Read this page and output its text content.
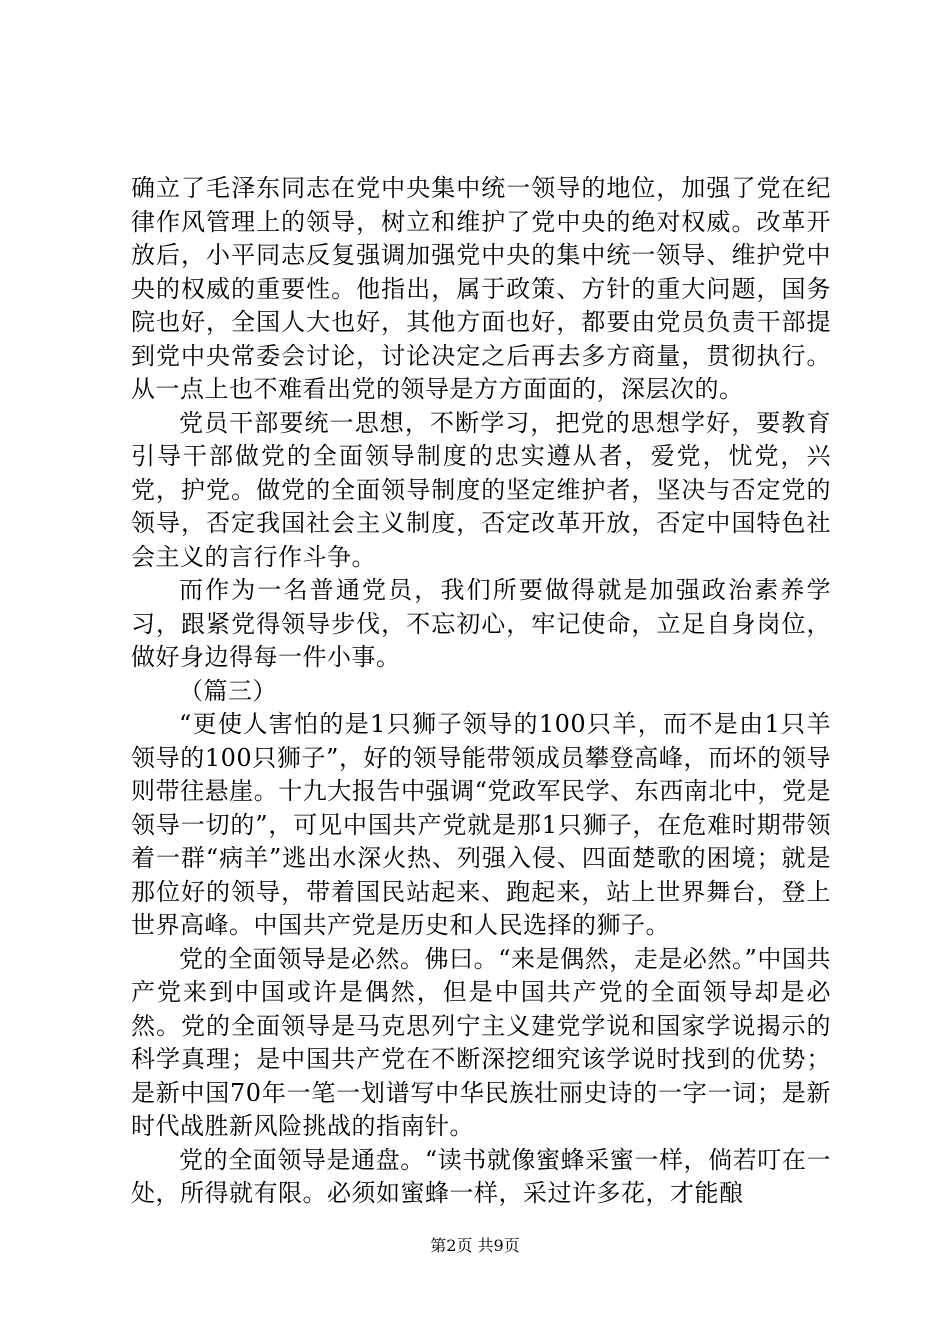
确立了毛泽东同志在党中央集中统一领导的地位，加强了党在纪律作风管理上的领导，树立和维护了党中央的绝对权威。改革开放后，小平同志反复强调加强党中央的集中统一领导、维护党中央的权威的重要性。他指出，属于政策、方针的重大问题，国务院也好，全国人大也好，其他方面也好，都要由党员负责干部提到党中央常委会讨论，讨论决定之后再去多方商量，贯彻执行。从一点上也不难看出党的领导是方方面面的，深层次的。

党员干部要统一思想，不断学习，把党的思想学好，要教育引导干部做党的全面领导制度的忠实遵从者，爱党，忧党，兴党，护党。做党的全面领导制度的坚定维护者，坚决与否定党的领导，否定我国社会主义制度，否定改革开放，否定中国特色社会主义的言行作斗争。

而作为一名普通党员，我们所要做得就是加强政治素养学习，跟紧党得领导步伐，不忘初心，牢记使命，立足自身岗位，做好身边得每一件小事。

（篇三）

“更使人害怕的是1只狮子领导的100只羊，而不是由1只羊领导的100只狮子”，好的领导能带领成员攀登高峰，而坏的领导则带往悬崖。十九大报告中强调“党政军民学、东西南北中，党是领导一切的”，可见中国共产党就是那1只狮子，在危难时期带领着一群“病羊”逃出水深火热、列强入侵、四面楚歌的困境；就是那位好的领导，带着国民站起来、跑起来，站上世界舞台，登上世界高峰。中国共产党是历史和人民选择的狮子。

党的全面领导是必然。佛曰。“来是偶然，走是必然。”中国共产党来到中国或许是偶然，但是中国共产党的全面领导却是必然。党的全面领导是马克思列宁主义建党学说和国家学说揭示的科学真理；是中国共产党在不断深挖细究该学说时找到的优势；是新中国70年一笔一划谱写中华民族壮丽史诗的一字一词；是新时代战胜新风险挑战的指南针。

党的全面领导是通盘。“读书就像蜜蜂采蜜一样，倘若叮在一处，所得就有限。必须如蜜蜂一样，采过许多花，才能酿

第2页 共9页
